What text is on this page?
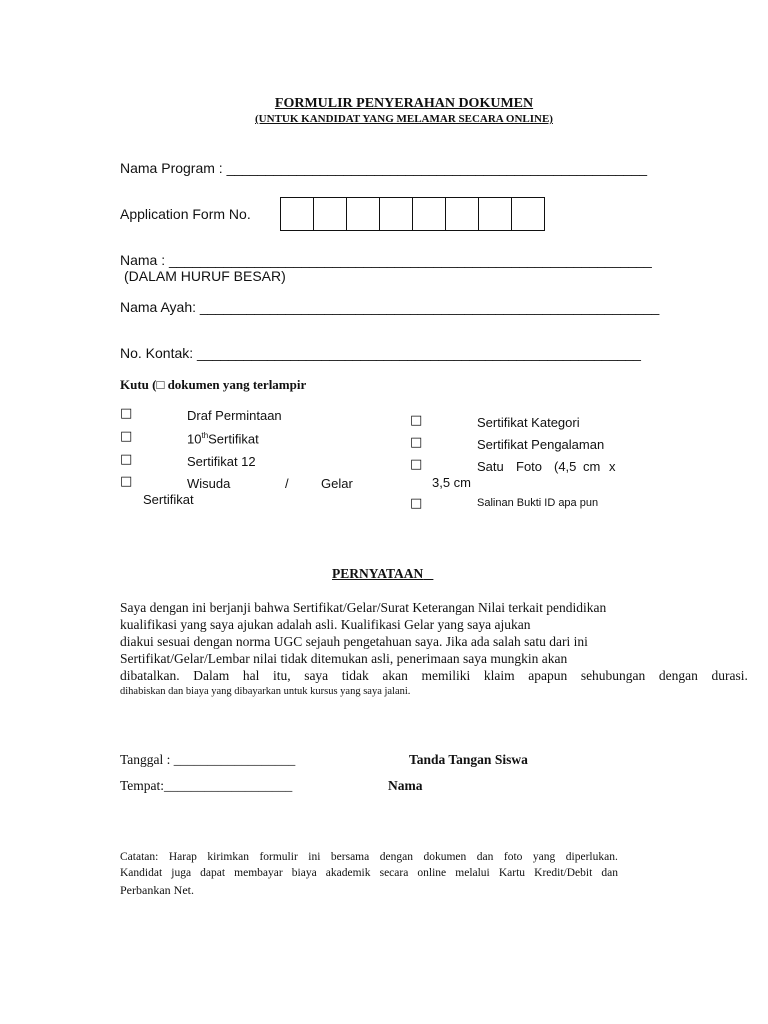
FORMULIR PENYERAHAN DOKUMEN
(UNTUK KANDIDAT YANG MELAMAR SECARA ONLINE)
Nama Program : ______________________________________________________
Application Form No.
Nama : ______________________________________________________________
(DALAM HURUF BESAR)
Nama Ayah: ___________________________________________________________
No. Kontak: _________________________________________________________
Kutu (□ dokumen yang terlampir
□	Draf Permintaan
□	10thSertifikat
□	Sertifikat 12
□	Wisuda	/ Gelar
Sertifikat
□	Sertifikat Kategori
□	Sertifikat Pengalaman
□	Satu Foto (4,5 cm x
3,5 cm
□	Salinan Bukti ID apa pun
PERNYATAAN
Saya dengan ini berjanji bahwa Sertifikat/Gelar/Surat Keterangan Nilai terkait pendidikan
kualifikasi yang saya ajukan adalah asli. Kualifikasi Gelar yang saya ajukan
diakui sesuai dengan norma UGC sejauh pengetahuan saya. Jika ada salah satu dari ini
Sertifikat/Gelar/Lembar nilai tidak ditemukan asli, penerimaan saya mungkin akan
dibatalkan. Dalam hal itu, saya tidak akan memiliki klaim apapun sehubungan dengan durasi.
dihabiskan dan biaya yang dibayarkan untuk kursus yang saya jalani.
Tanggal : __________________	Tanda Tangan Siswa
Tempat:___________________	Nama
Catatan: Harap kirimkan formulir ini bersama dengan dokumen dan foto yang diperlukan.
Kandidat juga dapat membayar biaya akademik secara online melalui Kartu Kredit/Debit dan
Perbankan Net.
